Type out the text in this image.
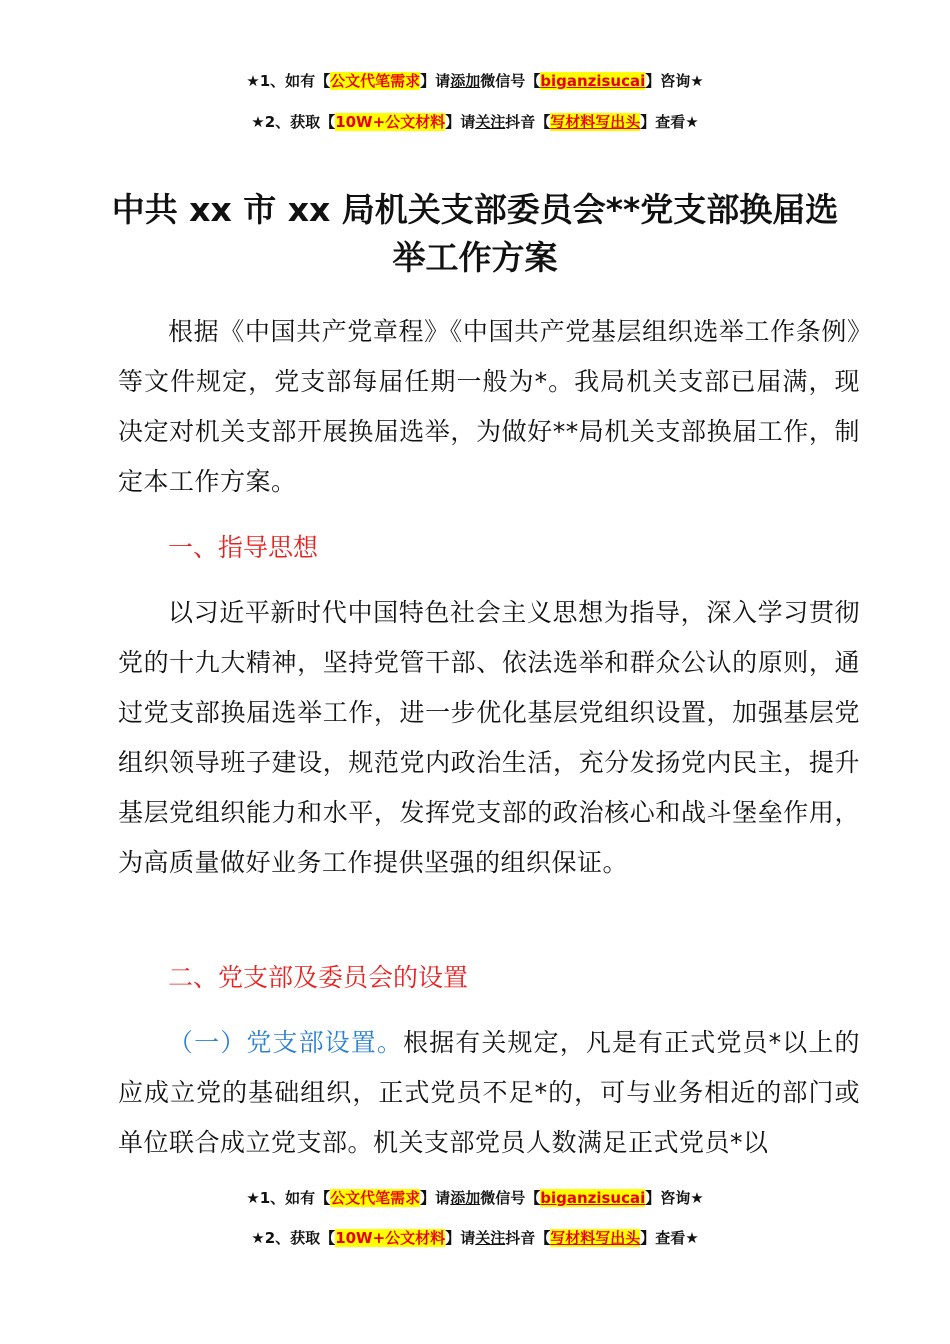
★1、如有【公文代笔需求】请添加微信号【biganzisucai】咨询★
★2、获取【10W+公文材料】请关注抖音【写材料写出头】查看★
中共 xx 市 xx 局机关支部委员会**党支部换届选举工作方案
根据《中国共产党章程》《中国共产党基层组织选举工作条例》等文件规定，党支部每届任期一般为*。我局机关支部已届满，现决定对机关支部开展换届选举，为做好**局机关支部换届工作，制定本工作方案。
一、指导思想
以习近平新时代中国特色社会主义思想为指导，深入学习贯彻党的十九大精神，坚持党管干部、依法选举和群众公认的原则，通过党支部换届选举工作，进一步优化基层党组织设置，加强基层党组织领导班子建设，规范党内政治生活，充分发扬党内民主，提升基层党组织能力和水平，发挥党支部的政治核心和战斗堡垒作用，为高质量做好业务工作提供坚强的组织保证。
二、党支部及委员会的设置
（一）党支部设置。根据有关规定，凡是有正式党员*以上的应成立党的基础组织，正式党员不足*的，可与业务相近的部门或单位联合成立党支部。机关支部党员人数满足正式党员*以
★1、如有【公文代笔需求】请添加微信号【biganzisucai】咨询★
★2、获取【10W+公文材料】请关注抖音【写材料写出头】查看★
